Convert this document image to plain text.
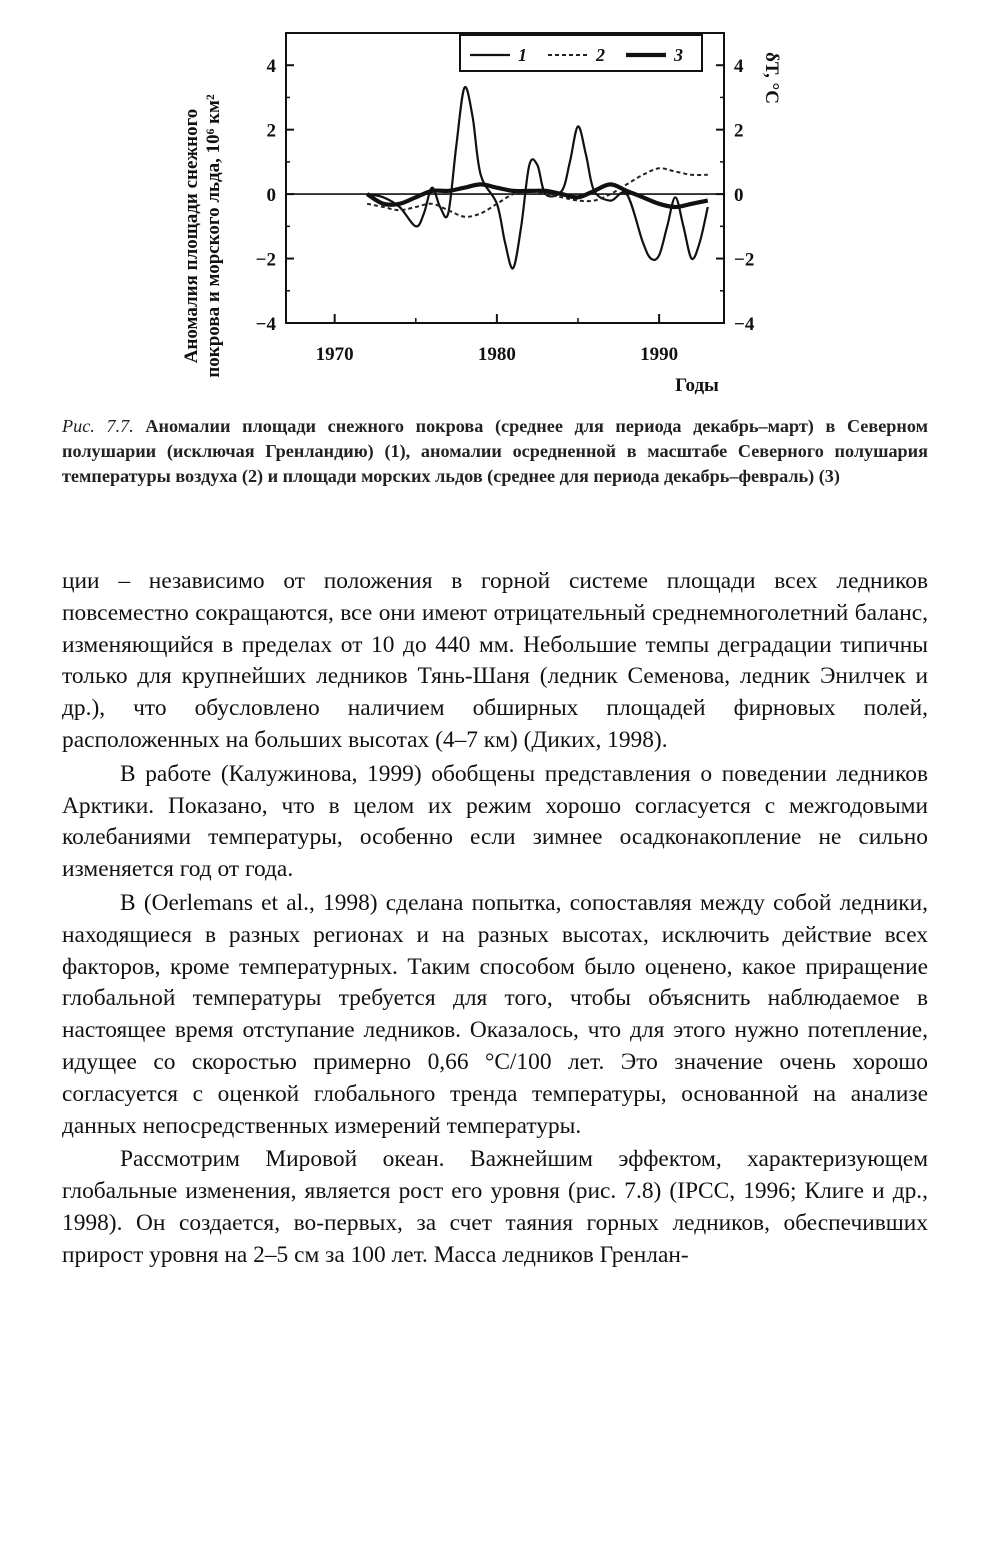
4	4
2	2
0	0
−2	−2
−4	−4
1970	1980	1990
1	2	3
Аномалия площади снежного покрова и морского льда, 10⁶ км²
δT, °C
Годы
Рис. 7.7. Аномалии площади снежного покрова (среднее для периода декабрь–март) в Северном полушарии (исключая Гренландию) (1), аномалии осредненной в масштабе Северного полушария температуры воздуха (2) и площади морских льдов (среднее для периода декабрь–февраль) (3)

ции – независимо от положения в горной системе площади всех ледников повсеместно сокращаются, все они имеют отрицательный среднемноголетний баланс, изменяющийся в пределах от 10 до 440 мм. Небольшие темпы деградации типичны только для крупнейших ледников Тянь-Шаня (ледник Семенова, ледник Энилчек и др.), что обусловлено наличием обширных площадей фирновых полей, расположенных на больших высотах (4–7 км) (Диких, 1998).

В работе (Калужинова, 1999) обобщены представления о поведении ледников Арктики. Показано, что в целом их режим хорошо согласуется с межгодовыми колебаниями температуры, особенно если зимнее осадконакопление не сильно изменяется год от года.

В (Oerlemans et al., 1998) сделана попытка, сопоставляя между собой ледники, находящиеся в разных регионах и на разных высотах, исключить действие всех факторов, кроме температурных. Таким способом было оценено, какое приращение глобальной температуры требуется для того, чтобы объяснить наблюдаемое в настоящее время отступание ледников. Оказалось, что для этого нужно потепление, идущее со скоростью примерно 0,66 °C/100 лет. Это значение очень хорошо согласуется с оценкой глобального тренда температуры, основанной на анализе данных непосредственных измерений температуры.

Рассмотрим Мировой океан. Важнейшим эффектом, характеризующем глобальные изменения, является рост его уровня (рис. 7.8) (IPCC, 1996; Клиге и др., 1998). Он создается, во-первых, за счет таяния горных ледников, обеспечивших прирост уровня на 2–5 см за 100 лет. Масса ледников Гренлан-
